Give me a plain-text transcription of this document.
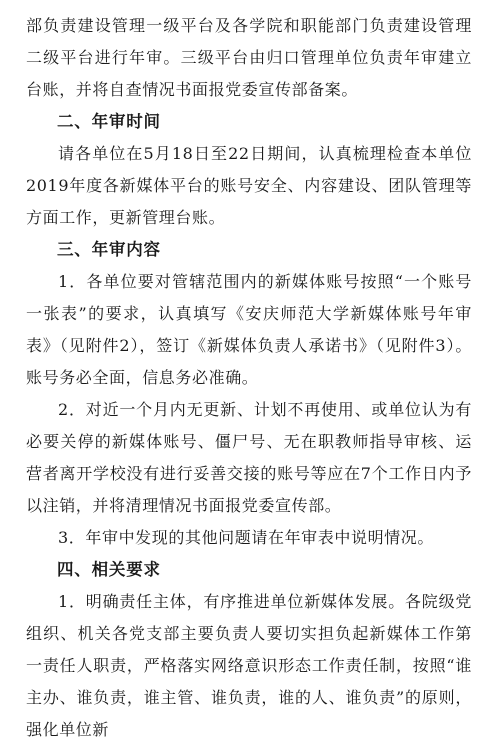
部负责建设管理一级平台及各学院和职能部门负责建设管理二级平台进行年审。三级平台由归口管理单位负责年审建立台账，并将自查情况书面报党委宣传部备案。

二、年审时间

请各单位在5月18日至22日期间，认真梳理检查本单位2019年度各新媒体平台的账号安全、内容建设、团队管理等方面工作，更新管理台账。

三、年审内容

1．各单位要对管辖范围内的新媒体账号按照“一个账号一张表”的要求，认真填写《安庆师范大学新媒体账号年审表》（见附件2），签订《新媒体负责人承诺书》（见附件3）。账号务必全面，信息务必准确。

2．对近一个月内无更新、计划不再使用、或单位认为有必要关停的新媒体账号、僵尸号、无在职教师指导审核、运营者离开学校没有进行妥善交接的账号等应在7个工作日内予以注销，并将清理情况书面报党委宣传部。

3．年审中发现的其他问题请在年审表中说明情况。

四、相关要求

1．明确责任主体，有序推进单位新媒体发展。各院级党组织、机关各党支部主要负责人要切实担负起新媒体工作第一责任人职责，严格落实网络意识形态工作责任制，按照“谁主办、谁负责，谁主管、谁负责，谁的人、谁负责”的原则，强化单位新
